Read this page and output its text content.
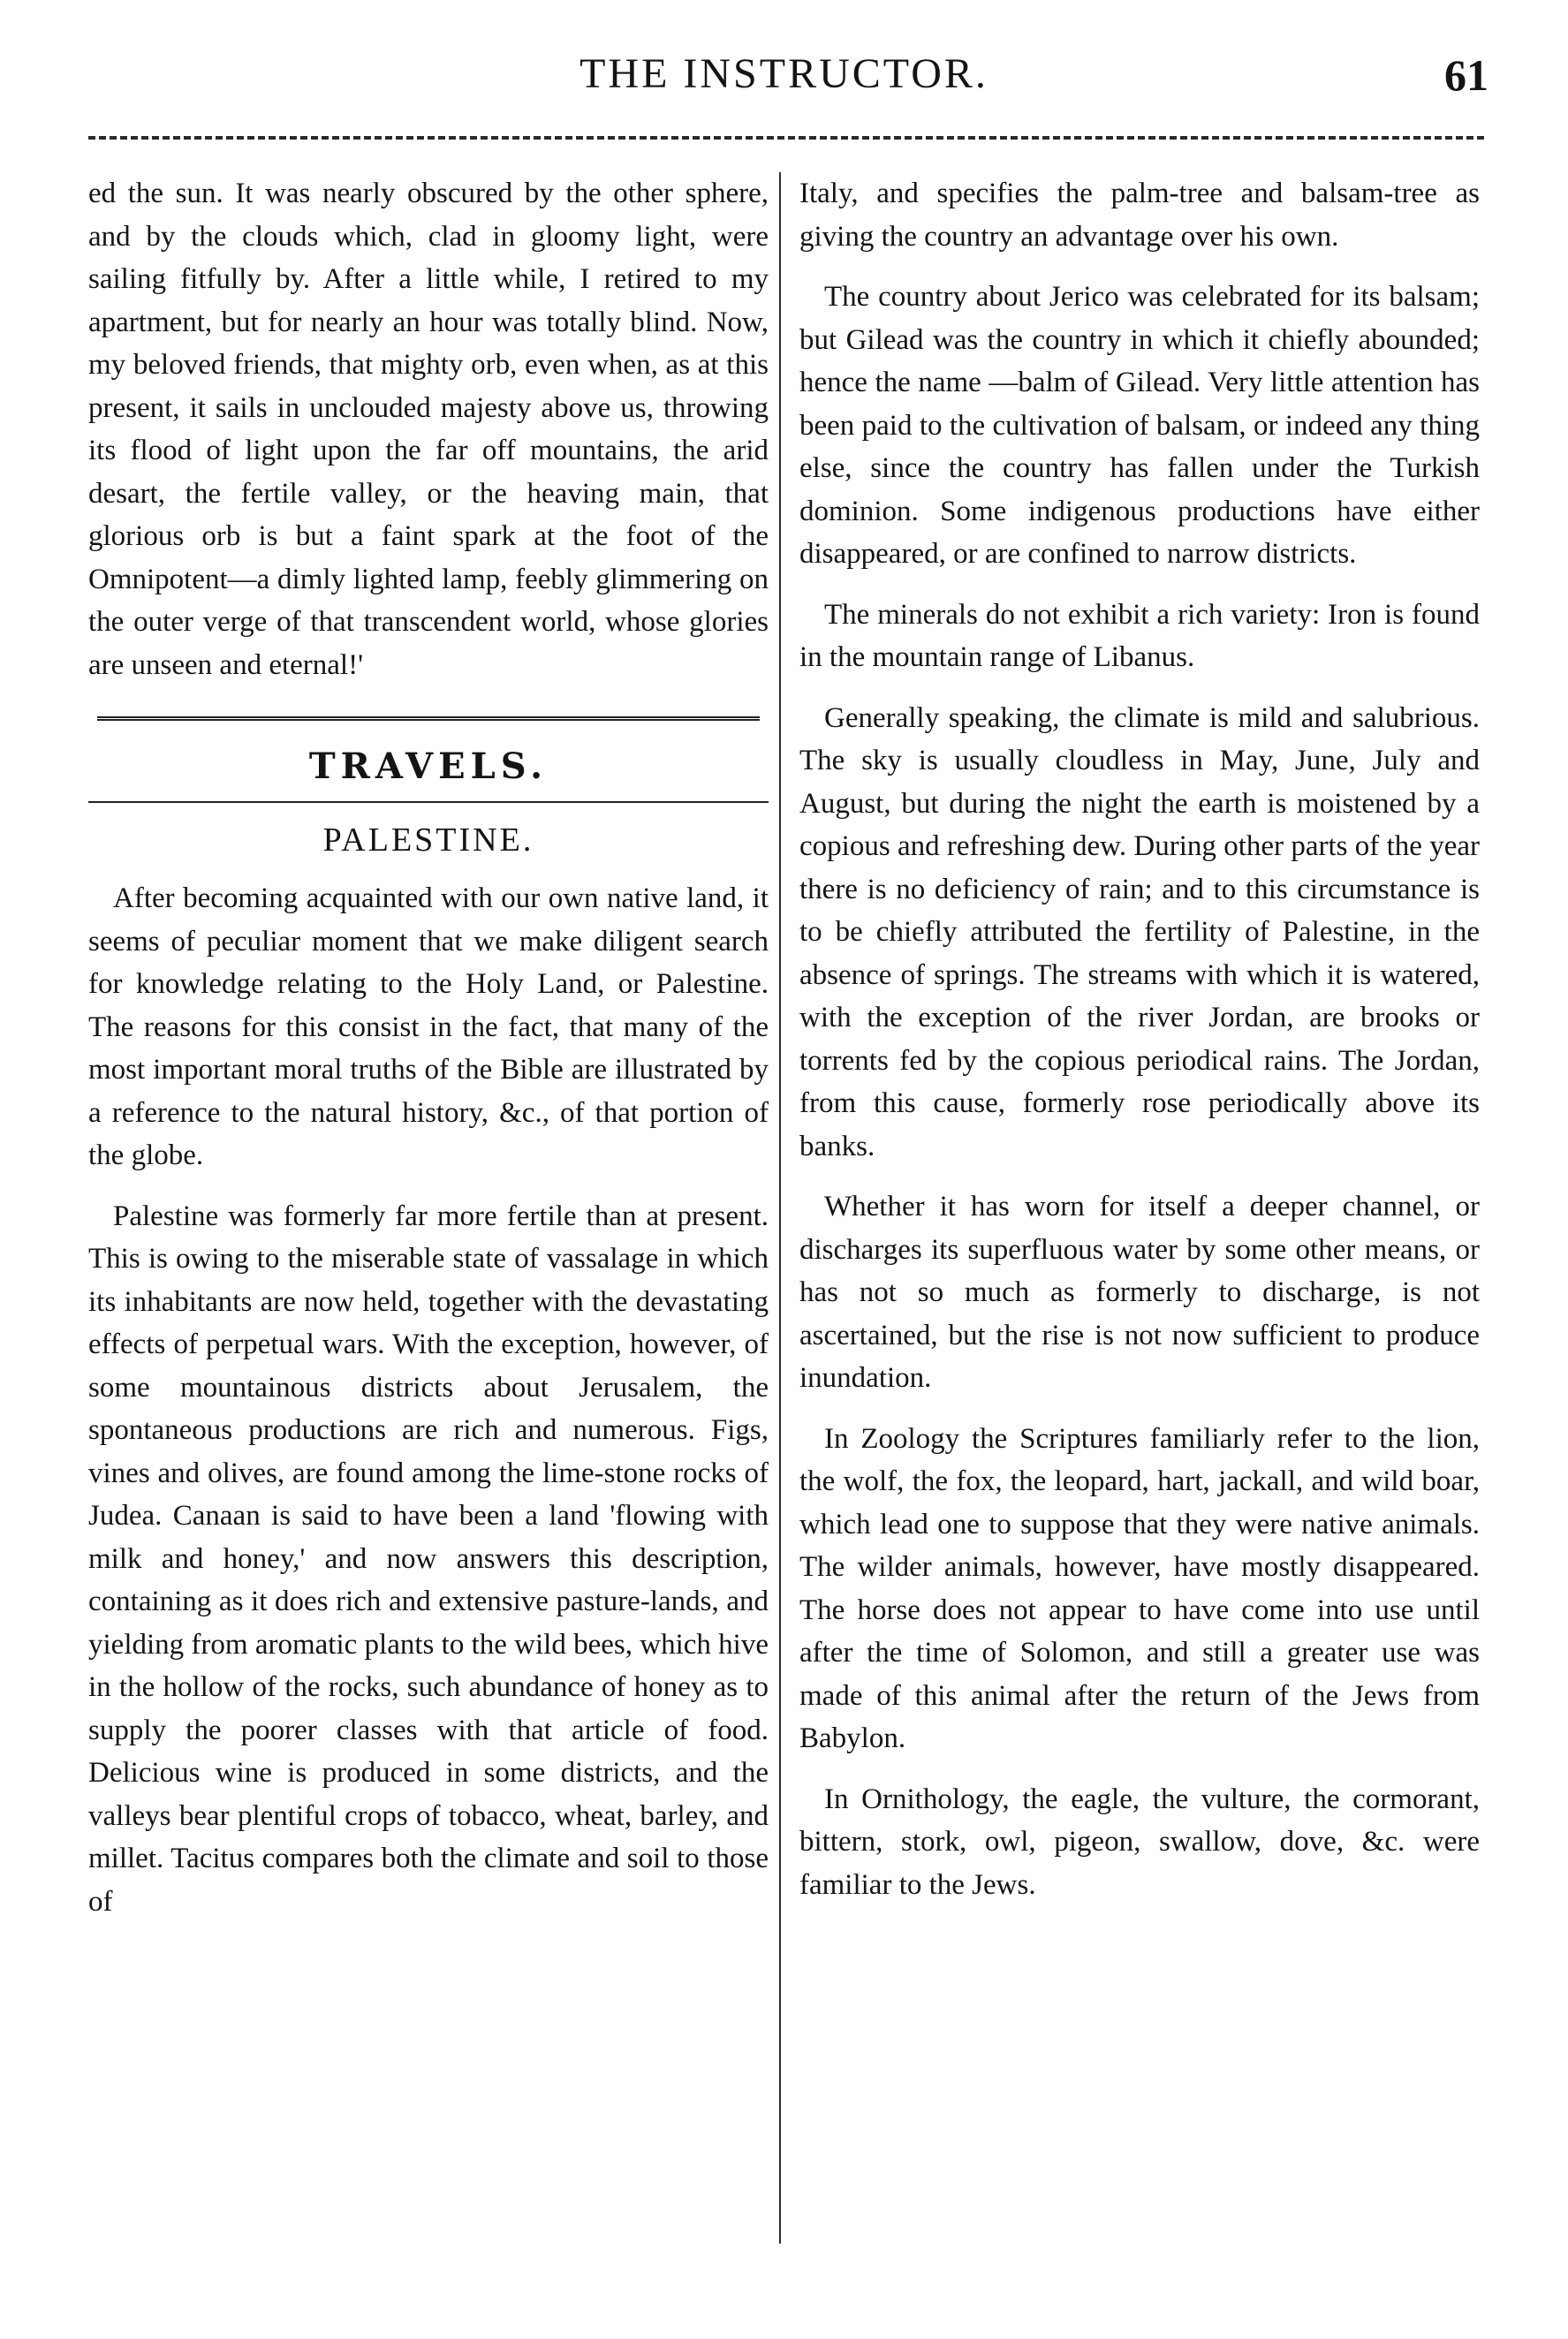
THE INSTRUCTOR.	61

ed the sun. It was nearly obscured by the other sphere, and by the clouds which, clad in gloomy light, were sailing fitfully by. After a little while, I retired to my apartment, but for nearly an hour was totally blind. Now, my beloved friends, that mighty orb, even when, as at this present, it sails in unclouded majesty above us, throwing its flood of light upon the far off mountains, the arid desart, the fertile valley, or the heaving main, that glorious orb is but a faint spark at the foot of the Omnipotent—a dimly lighted lamp, feebly glimmering on the outer verge of that transcendent world, whose glories are unseen and eternal!'

TRAVELS.
PALESTINE.

After becoming acquainted with our own native land, it seems of peculiar moment that we make diligent search for knowledge relating to the Holy Land, or Palestine. The reasons for this consist in the fact, that many of the most important moral truths of the Bible are illustrated by a reference to the natural history, &c., of that portion of the globe.

Palestine was formerly far more fertile than at present. This is owing to the miserable state of vassalage in which its inhabitants are now held, together with the devastating effects of perpetual wars. With the exception, however, of some mountainous districts about Jerusalem, the spontaneous productions are rich and numerous. Figs, vines and olives, are found among the lime-stone rocks of Judea. Canaan is said to have been a land 'flowing with milk and honey,' and now answers this description, containing as it does rich and extensive pasture-lands, and yielding from aromatic plants to the wild bees, which hive in the hollow of the rocks, such abundance of honey as to supply the poorer classes with that article of food. Delicious wine is produced in some districts, and the valleys bear plentiful crops of tobacco, wheat, barley, and millet. Tacitus compares both the climate and soil to those of

Italy, and specifies the palm-tree and balsam-tree as giving the country an advantage over his own.

The country about Jerico was celebrated for its balsam; but Gilead was the country in which it chiefly abounded; hence the name —balm of Gilead. Very little attention has been paid to the cultivation of balsam, or indeed any thing else, since the country has fallen under the Turkish dominion. Some indigenous productions have either disappeared, or are confined to narrow districts.

The minerals do not exhibit a rich variety: Iron is found in the mountain range of Libanus.

Generally speaking, the climate is mild and salubrious. The sky is usually cloudless in May, June, July and August, but during the night the earth is moistened by a copious and refreshing dew. During other parts of the year there is no deficiency of rain; and to this circumstance is to be chiefly attributed the fertility of Palestine, in the absence of springs. The streams with which it is watered, with the exception of the river Jordan, are brooks or torrents fed by the copious periodical rains. The Jordan, from this cause, formerly rose periodically above its banks.

Whether it has worn for itself a deeper channel, or discharges its superfluous water by some other means, or has not so much as formerly to discharge, is not ascertained, but the rise is not now sufficient to produce inundation.

In Zoology the Scriptures familiarly refer to the lion, the wolf, the fox, the leopard, hart, jackall, and wild boar, which lead one to suppose that they were native animals. The wilder animals, however, have mostly disappeared. The horse does not appear to have come into use until after the time of Solomon, and still a greater use was made of this animal after the return of the Jews from Babylon.

In Ornithology, the eagle, the vulture, the cormorant, bittern, stork, owl, pigeon, swallow, dove, &c. were familiar to the Jews.
